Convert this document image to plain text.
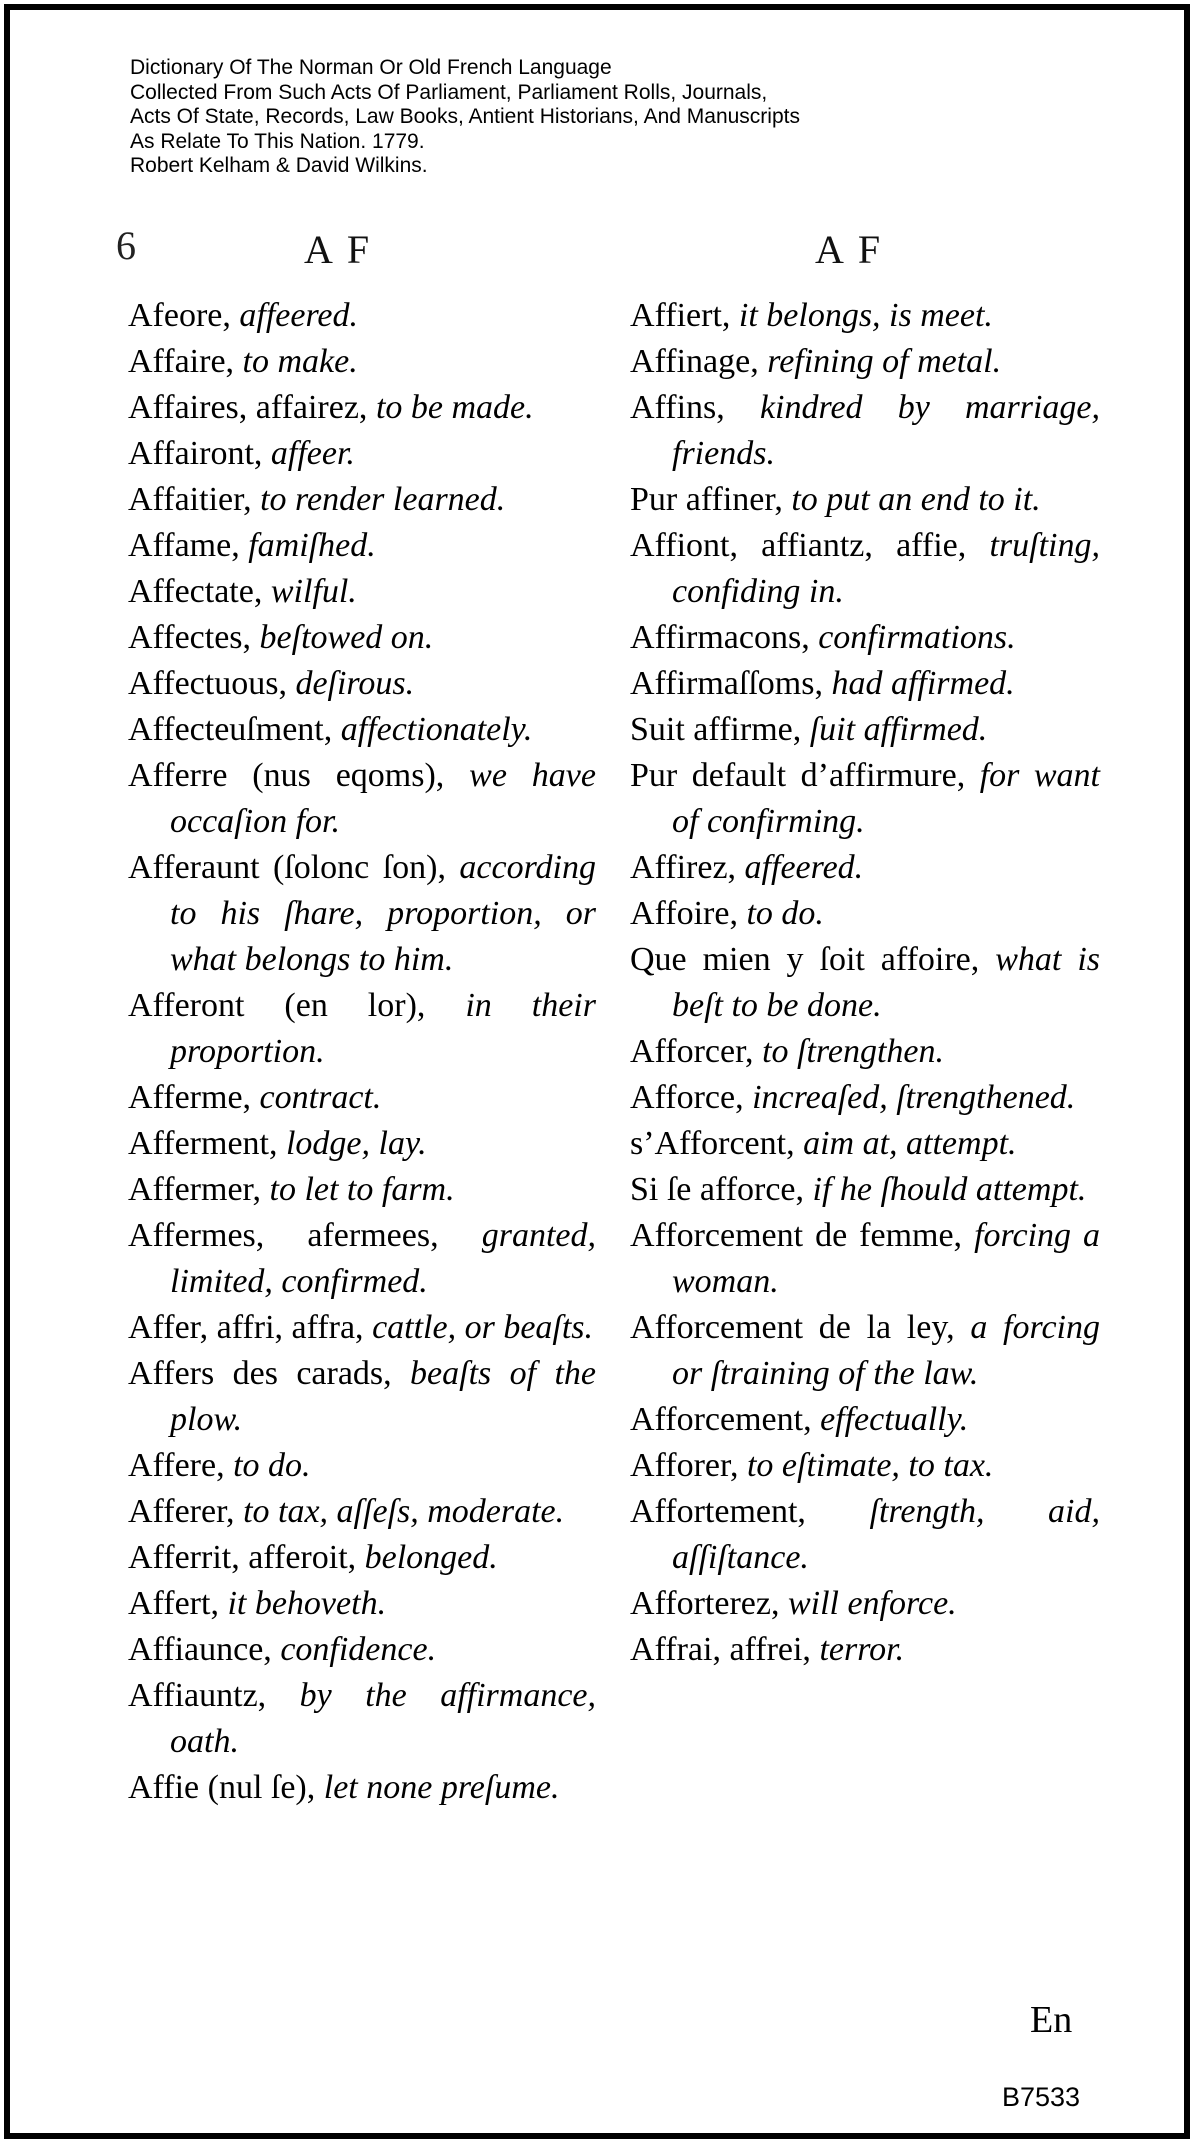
Dictionary Of The Norman Or Old French Language
Collected From Such Acts Of Parliament, Parliament Rolls, Journals,
Acts Of State, Records, Law Books, Antient Historians, And Manuscripts
As Relate To This Nation. 1779.
Robert Kelham & David Wilkins.
6	AF	AF

Afeore, affeered.

Affaire, to make.

Affaires, affairez, to be made.

Affairont, affeer.

Affaitier, to render learned.

Affame, famiſhed.

Affectate, wilful.

Affectes, beſtowed on.

Affectuous, deſirous.

Affecteuſment, affectionately.

Afferre (nus eqoms), we have occaſion for.

Afferaunt (ſolonc ſon), according to his ſhare, proportion, or what belongs to him.

Afferont (en lor), in their proportion.

Afferme, contract.

Afferment, lodge, lay.

Affermer, to let to farm.

Affermes, afermees, granted, limited, confirmed.

Affer, affri, affra, cattle, or beaſts.

Affers des carads, beaſts of the plow.

Affere, to do.

Afferer, to tax, aſſeſs, moderate.

Afferrit, afferoit, belonged.

Affert, it behoveth.

Affiaunce, confidence.

Affiauntz, by the affirmance, oath.

Affie (nul ſe), let none preſume.

Affiert, it belongs, is meet.

Affinage, refining of metal.

Affins, kindred by marriage, friends.

Pur affiner, to put an end to it.

Affiont, affiantz, affie, truſting, confiding in.

Affirmacons, confirmations.

Affirmaſſoms, had affirmed.

Suit affirme, ſuit affirmed.

Pur default d’affirmure, for want of confirming.

Affirez, affeered.

Affoire, to do.

Que mien y ſoit affoire, what is beſt to be done.

Afforcer, to ſtrengthen.

Afforce, increaſed, ſtrengthened.

s’Afforcent, aim at, attempt.

Si ſe afforce, if he ſhould attempt.

Afforcement de femme, forcing a woman.

Afforcement de la ley, a forcing or ſtraining of the law.

Afforcement, effectually.

Afforer, to eſtimate, to tax.

Affortement, ſtrength, aid, aſſiſtance.

Afforterez, will enforce.

Affrai, affrei, terror.

En
B7533
